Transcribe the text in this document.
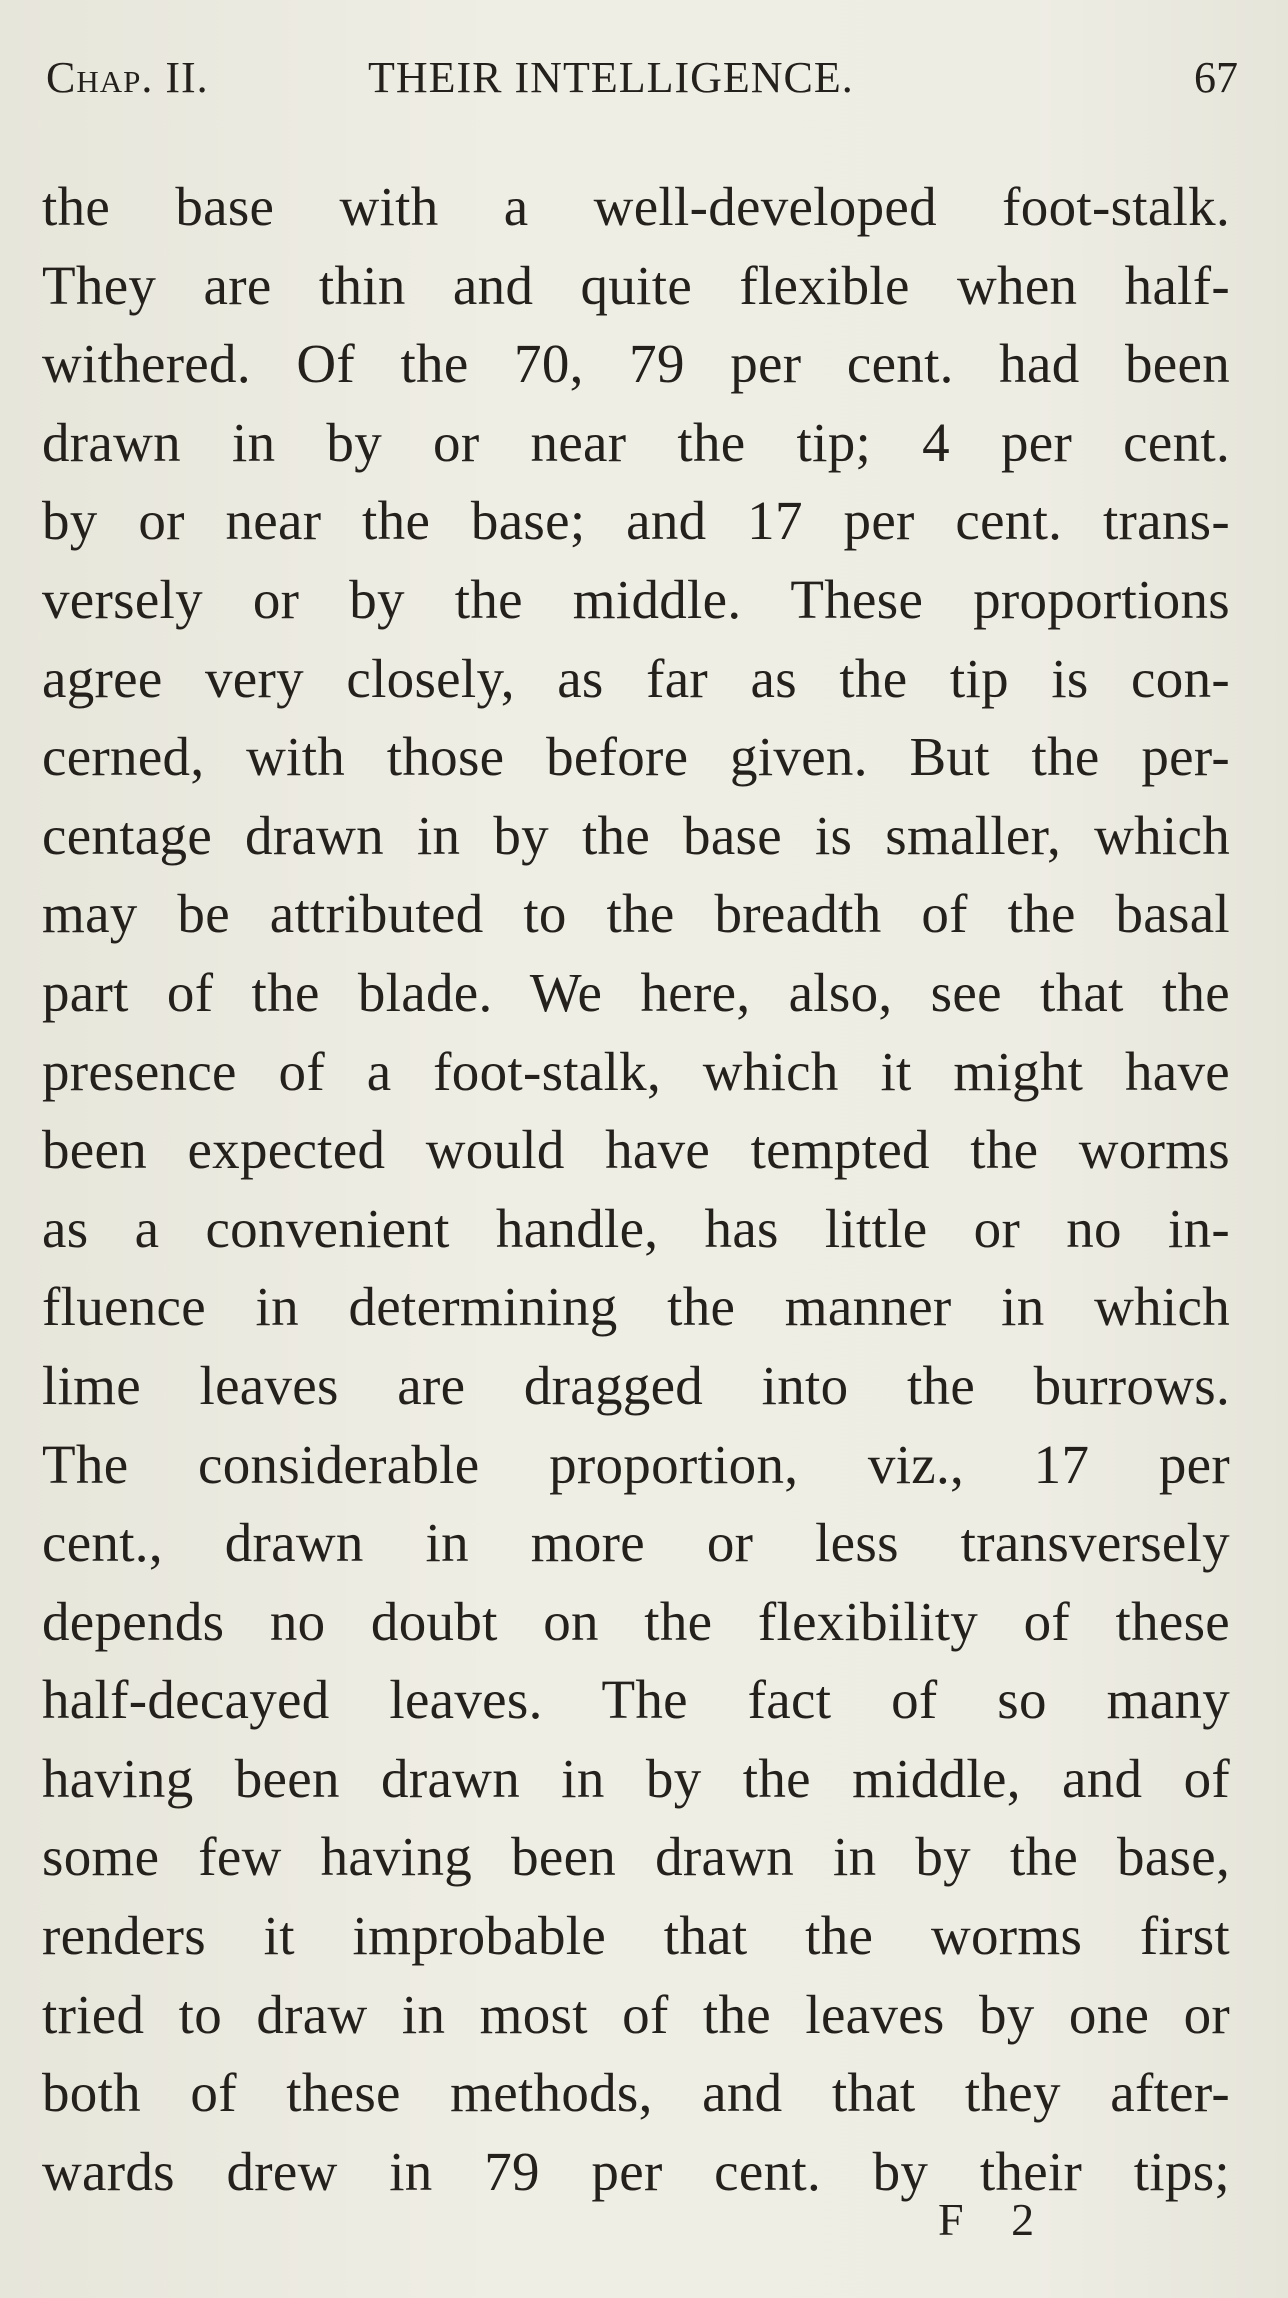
Chap. II.	THEIR INTELLIGENCE.	67
the base with a well-developed foot-stalk.
They are thin and quite flexible when half-
withered. Of the 70, 79 per cent. had been
drawn in by or near the tip; 4 per cent.
by or near the base; and 17 per cent. trans-
versely or by the middle. These proportions
agree very closely, as far as the tip is con-
cerned, with those before given. But the per-
centage drawn in by the base is smaller, which
may be attributed to the breadth of the basal
part of the blade. We here, also, see that the
presence of a foot-stalk, which it might have
been expected would have tempted the worms
as a convenient handle, has little or no in-
fluence in determining the manner in which
lime leaves are dragged into the burrows.
The considerable proportion, viz., 17 per
cent., drawn in more or less transversely
depends no doubt on the flexibility of these
half-decayed leaves. The fact of so many
having been drawn in by the middle, and of
some few having been drawn in by the base,
renders it improbable that the worms first
tried to draw in most of the leaves by one or
both of these methods, and that they after-
wards drew in 79 per cent. by their tips;
F 2
